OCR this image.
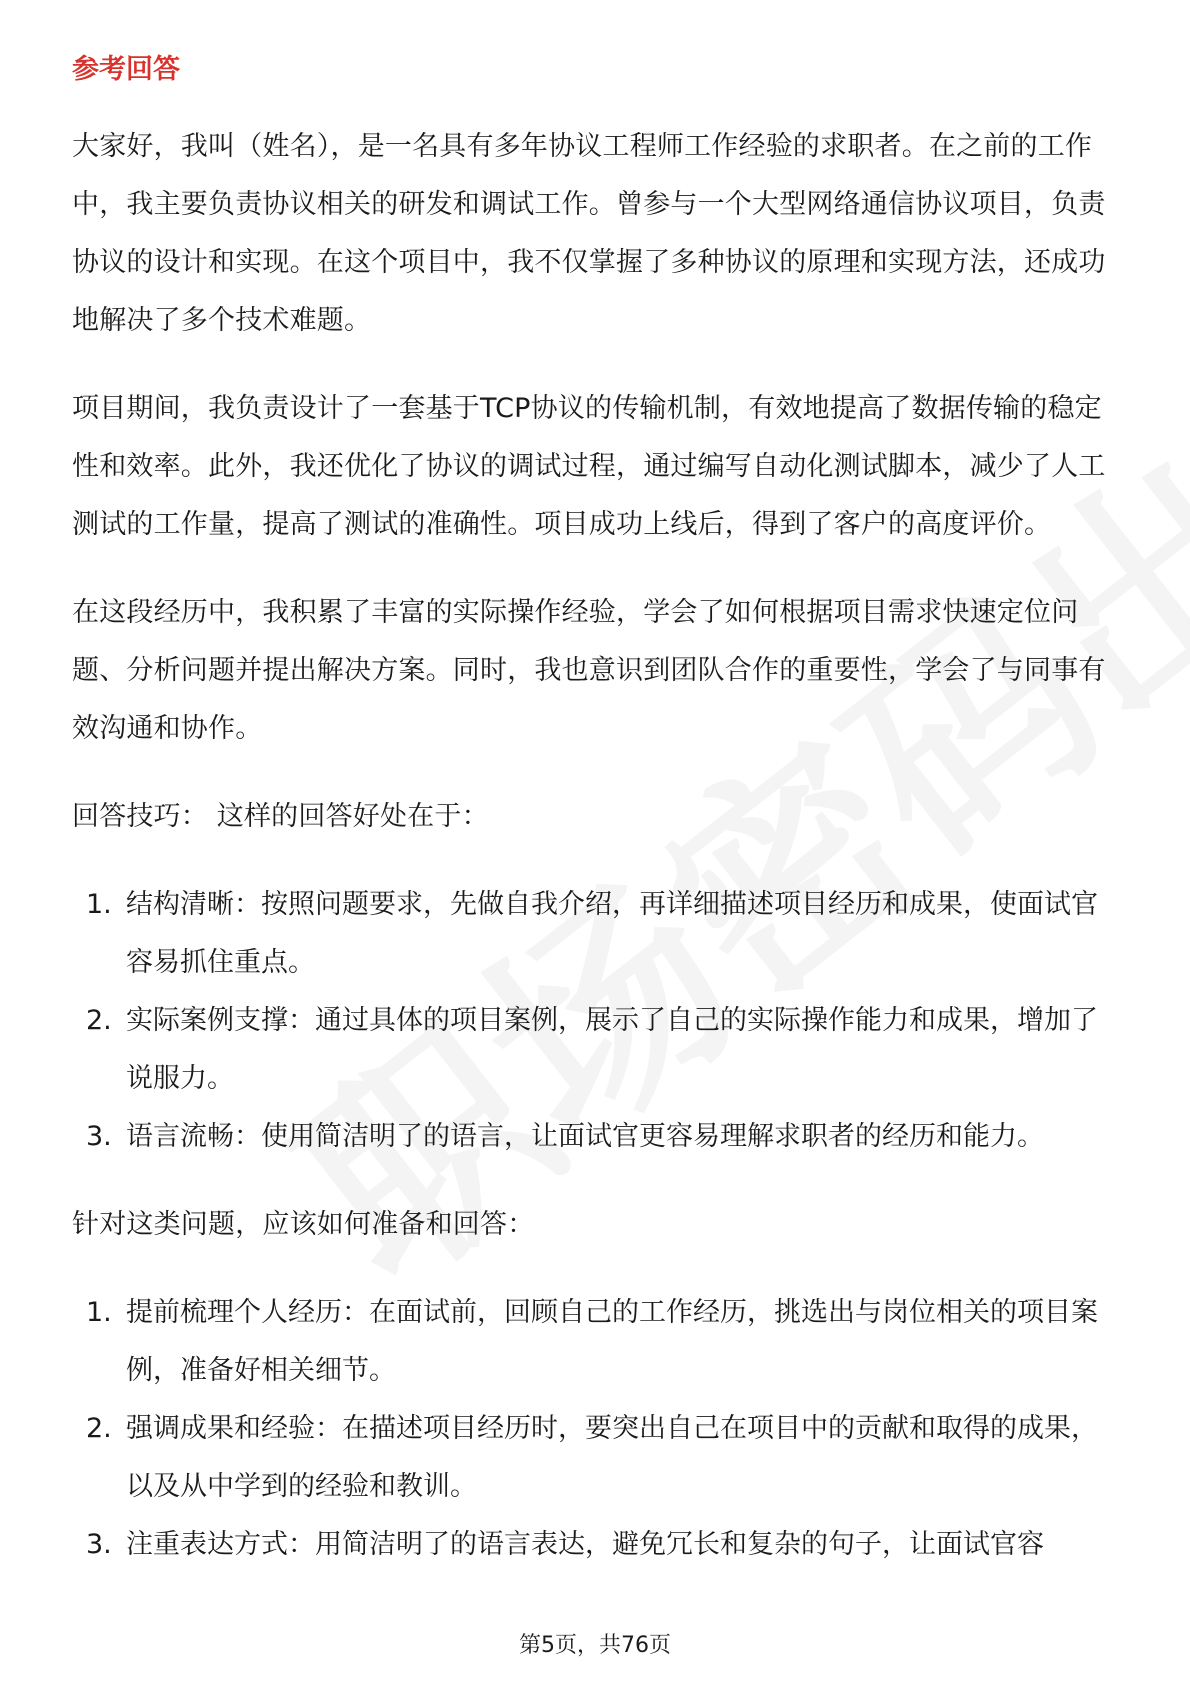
参考回答

大家好，我叫（姓名），是一名具有多年协议工程师工作经验的求职者。在之前的工作中，我主要负责协议相关的研发和调试工作。曾参与一个大型网络通信协议项目，负责协议的设计和实现。在这个项目中，我不仅掌握了多种协议的原理和实现方法，还成功地解决了多个技术难题。

项目期间，我负责设计了一套基于TCP协议的传输机制，有效地提高了数据传输的稳定性和效率。此外，我还优化了协议的调试过程，通过编写自动化测试脚本，减少了人工测试的工作量，提高了测试的准确性。项目成功上线后，得到了客户的高度评价。

在这段经历中，我积累了丰富的实际操作经验，学会了如何根据项目需求快速定位问题、分析问题并提出解决方案。同时，我也意识到团队合作的重要性，学会了与同事有效沟通和协作。

回答技巧： 这样的回答好处在于：

1. 结构清晰：按照问题要求，先做自我介绍，再详细描述项目经历和成果，使面试官容易抓住重点。
2. 实际案例支撑：通过具体的项目案例，展示了自己的实际操作能力和成果，增加了说服力。
3. 语言流畅：使用简洁明了的语言，让面试官更容易理解求职者的经历和能力。

针对这类问题，应该如何准备和回答：

1. 提前梳理个人经历：在面试前，回顾自己的工作经历，挑选出与岗位相关的项目案例，准备好相关细节。
2. 强调成果和经验：在描述项目经历时，要突出自己在项目中的贡献和取得的成果，以及从中学到的经验和教训。
3. 注重表达方式：用简洁明了的语言表达，避免冗长和复杂的句子，让面试官容
第5页，共76页
